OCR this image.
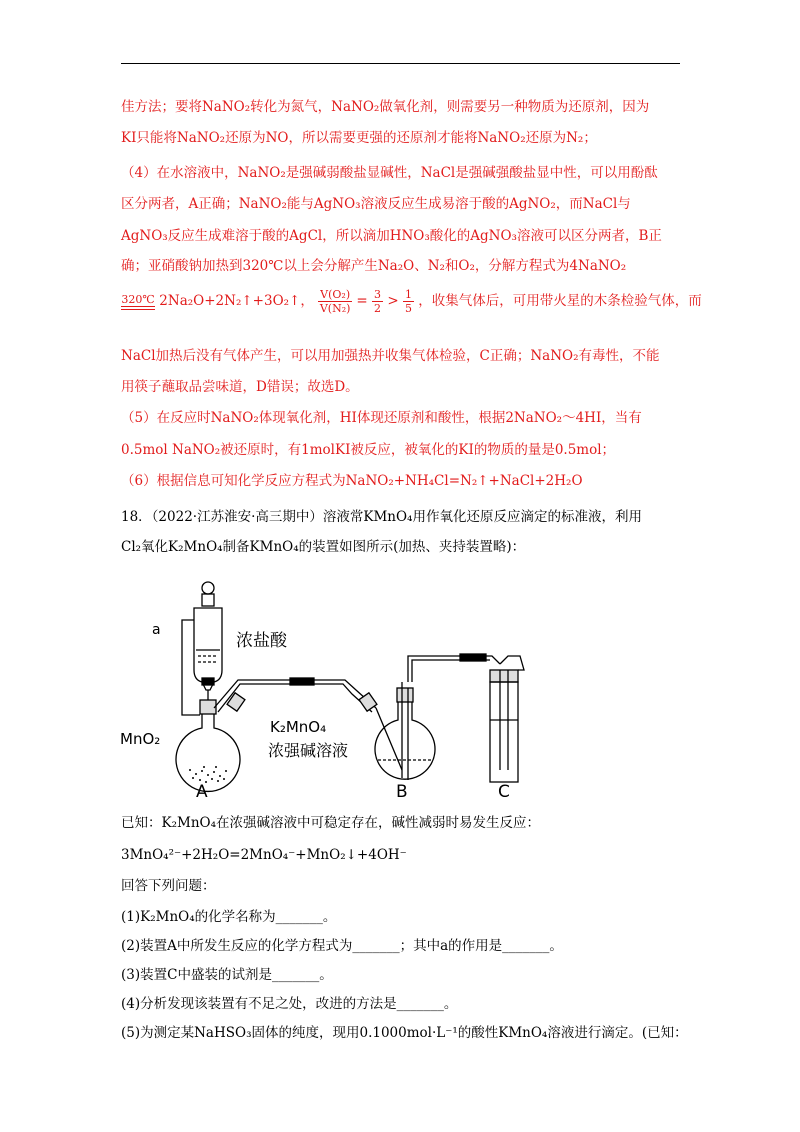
佳方法；要将NaNO₂转化为氮气，NaNO₂做氧化剂，则需要另一种物质为还原剂，因为
KI只能将NaNO₂还原为NO，所以需要更强的还原剂才能将NaNO₂还原为N₂；
（4）在水溶液中，NaNO₂是强碱弱酸盐显碱性，NaCl是强碱强酸盐显中性，可以用酚酞
区分两者，A正确；NaNO₂能与AgNO₃溶液反应生成易溶于酸的AgNO₂，而NaCl与
AgNO₃反应生成难溶于酸的AgCl，所以滴加HNO₃酸化的AgNO₃溶液可以区分两者，B正
确；亚硝酸钠加热到320℃以上会分解产生Na₂O、N₂和O₂，分解方程式为4NaNO₂
320℃ 2Na₂O+2N₂↑+3O₂↑， $\frac{\text{V(O₂)}}{\text{V(N₂)}} = \frac{3}{2} > \frac{1}{5}$ ，收集气体后，可用带火星的木条检验气体，而
NaCl加热后没有气体产生，可以用加强热并收集气体检验，C正确；NaNO₂有毒性，不能
用筷子蘸取品尝味道，D错误；故选D。
（5）在反应时NaNO₂体现氧化剂，HI体现还原剂和酸性，根据2NaNO₂～4HI，当有
0.5mol NaNO₂被还原时，有1molKI被反应，被氧化的KI的物质的量是0.5mol；
（6）根据信息可知化学反应方程式为NaNO₂+NH₄Cl=N₂↑+NaCl+2H₂O
18．（2022·江苏淮安·高三期中）溶液常KMnO₄用作氧化还原反应滴定的标准液，利用
Cl₂氧化K₂MnO₄制备KMnO₄的装置如图所示(加热、夹持装置略)：
a
浓盐酸
MnO₂
K₂MnO₄
浓强碱溶液
A	B	C
已知：K₂MnO₄在浓强碱溶液中可稳定存在，碱性减弱时易发生反应：
3MnO₄²⁻+2H₂O=2MnO₄⁻+MnO₂↓+4OH⁻
回答下列问题：
(1)K₂MnO₄的化学名称为_______。
(2)装置A中所发生反应的化学方程式为_______；其中a的作用是_______。
(3)装置C中盛装的试剂是_______。
(4)分析发现该装置有不足之处，改进的方法是_______。
(5)为测定某NaHSO₃固体的纯度，现用0.1000mol·L⁻¹的酸性KMnO₄溶液进行滴定。(已知：
